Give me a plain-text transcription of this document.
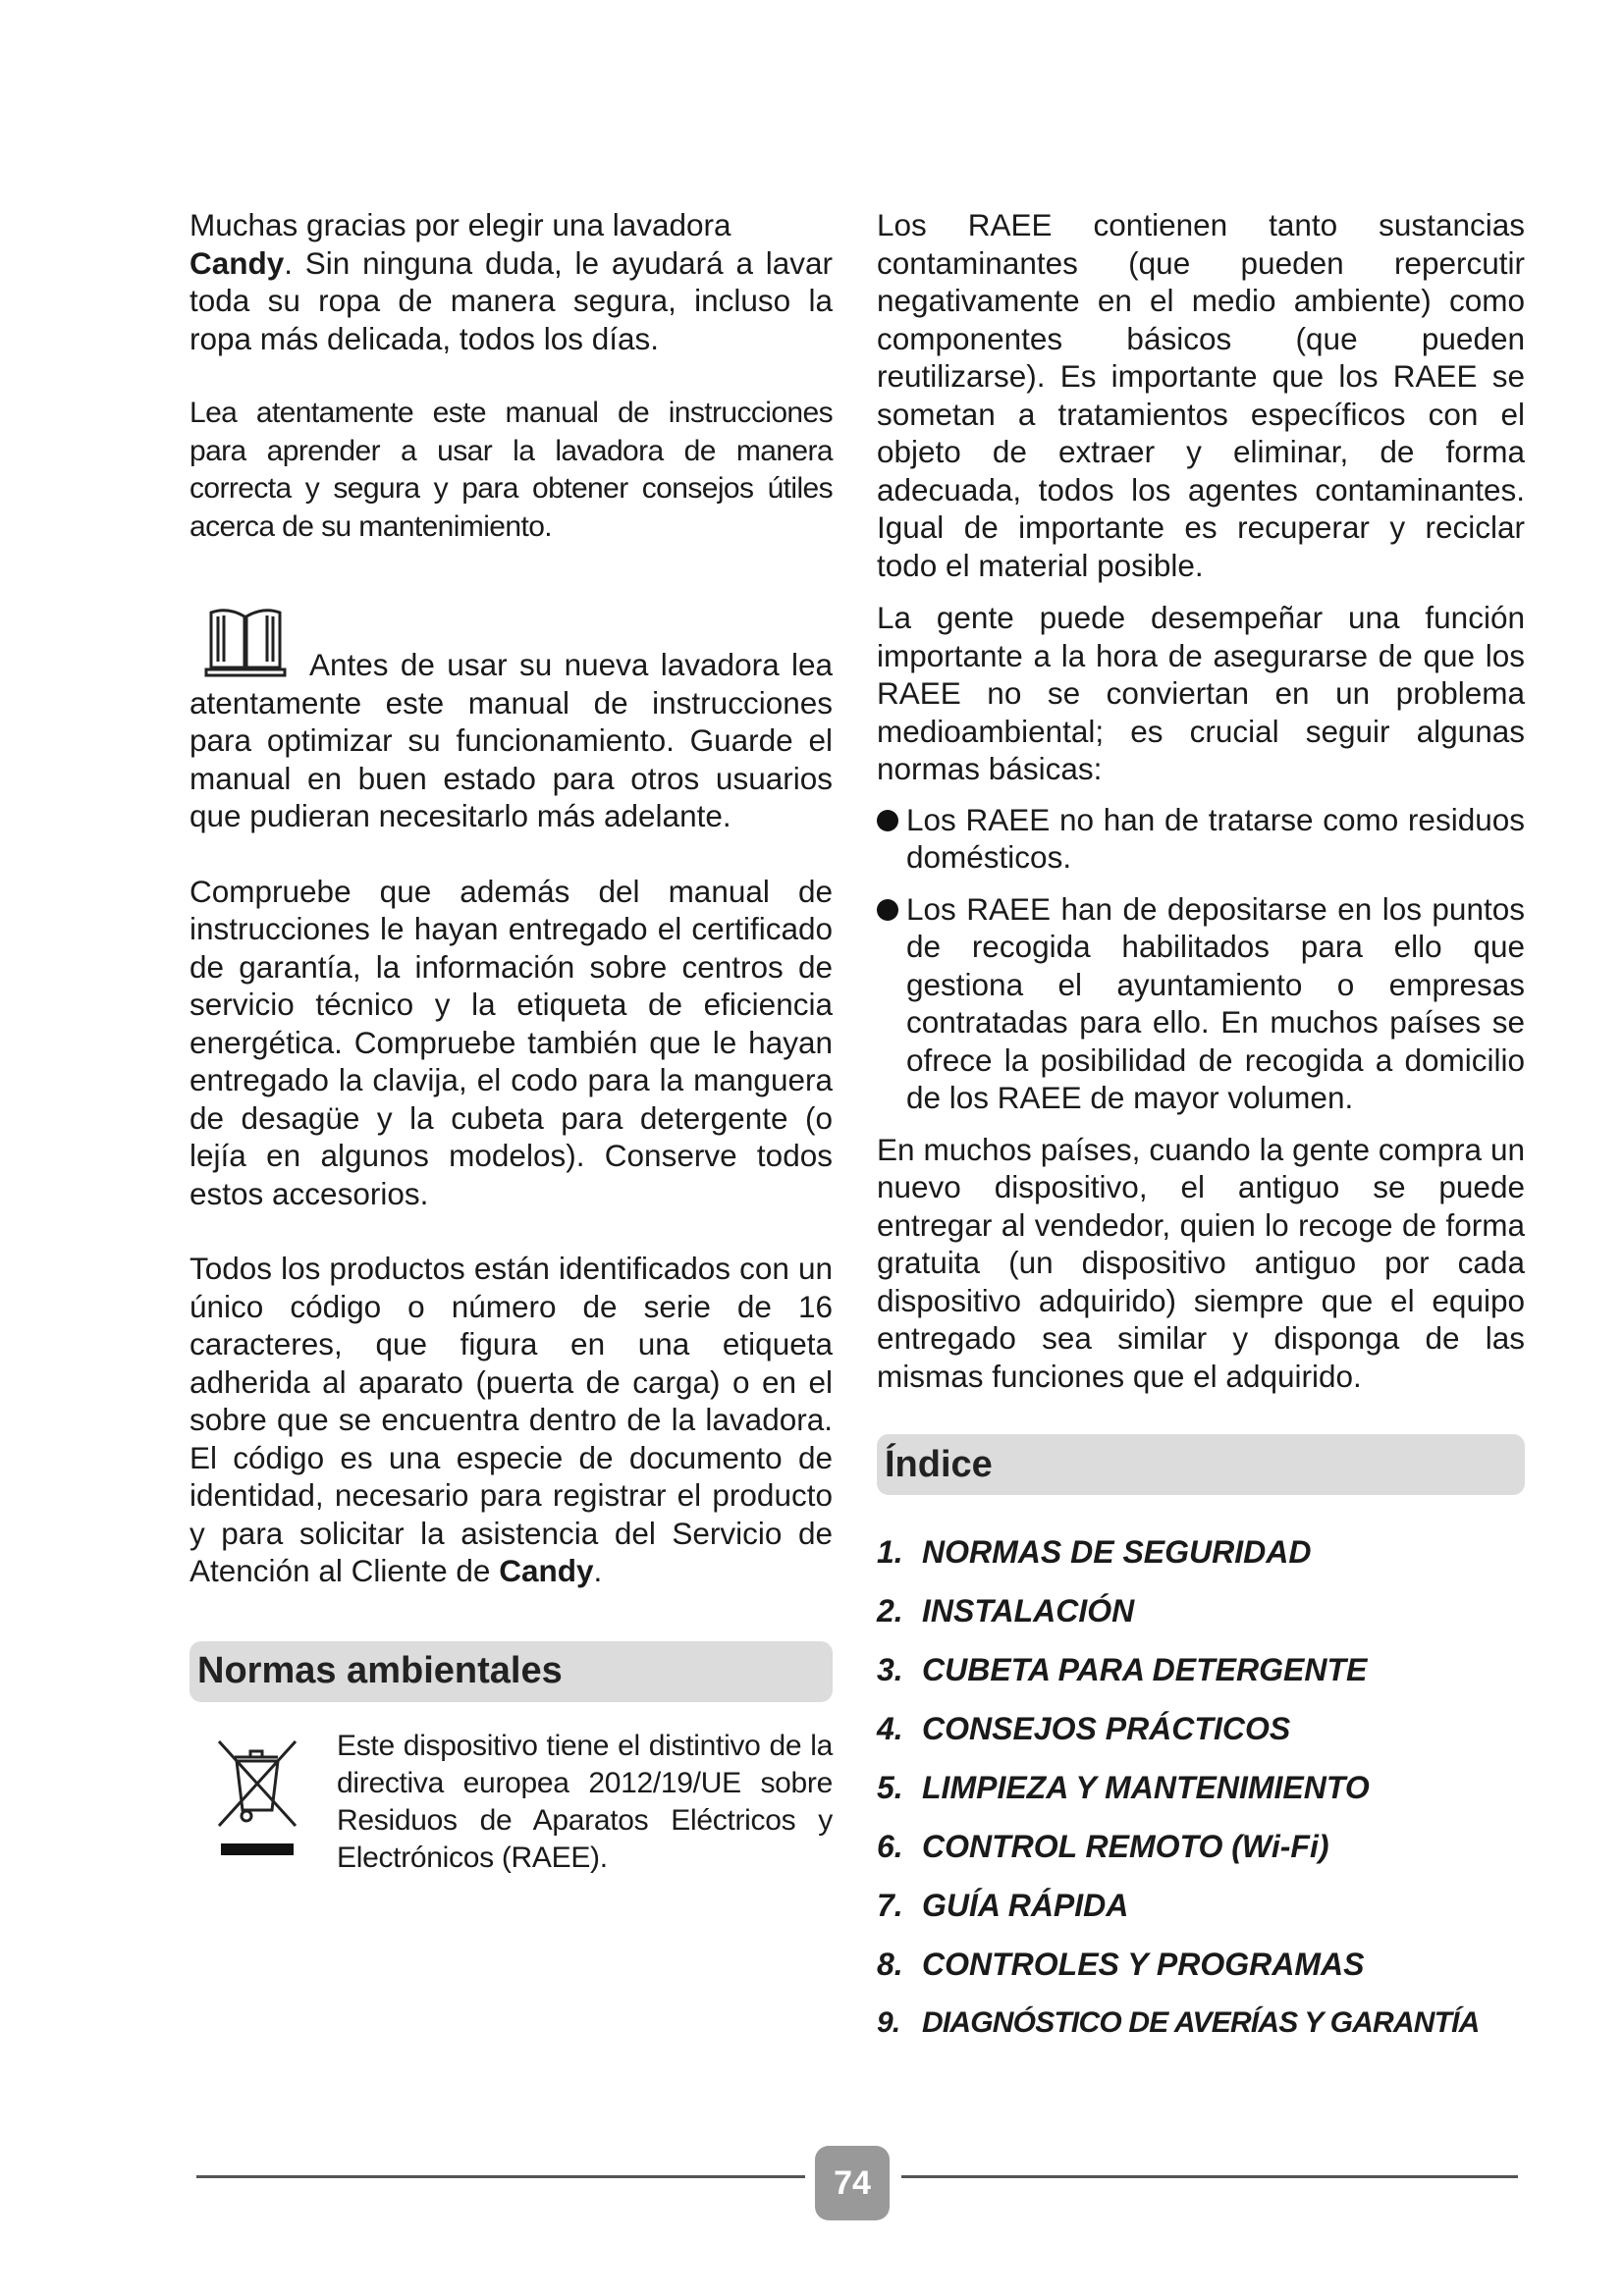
Muchas gracias por elegir una lavadora
Candy. Sin ninguna duda, le ayudará a lavar toda su ropa de manera segura, incluso la ropa más delicada, todos los días.

Lea atentamente este manual de instrucciones para aprender a usar la lavadora de manera correcta y segura y para obtener consejos útiles acerca de su mantenimiento.

Antes de usar su nueva lavadora lea atentamente este manual de instrucciones para optimizar su funcionamiento. Guarde el manual en buen estado para otros usuarios que pudieran necesitarlo más adelante.

Compruebe que además del manual de instrucciones le hayan entregado el certificado de garantía, la información sobre centros de servicio técnico y la etiqueta de eficiencia energética. Compruebe también que le hayan entregado la clavija, el codo para la manguera de desagüe y la cubeta para detergente (o lejía en algunos modelos). Conserve todos estos accesorios.

Todos los productos están identificados con un único código o número de serie de 16 caracteres, que figura en una etiqueta adherida al aparato (puerta de carga) o en el sobre que se encuentra dentro de la lavadora. El código es una especie de documento de identidad, necesario para registrar el producto y para solicitar la asistencia del Servicio de Atención al Cliente de Candy.

Normas ambientales

Este dispositivo tiene el distintivo de la directiva europea 2012/19/UE sobre Residuos de Aparatos Eléctricos y Electrónicos (RAEE).

Los RAEE contienen tanto sustancias contaminantes (que pueden repercutir negativamente en el medio ambiente) como componentes básicos (que pueden reutilizarse). Es importante que los RAEE se sometan a tratamientos específicos con el objeto de extraer y eliminar, de forma adecuada, todos los agentes contaminantes. Igual de importante es recuperar y reciclar todo el material posible.

La gente puede desempeñar una función importante a la hora de asegurarse de que los RAEE no se conviertan en un problema medioambiental; es crucial seguir algunas normas básicas:

Los RAEE no han de tratarse como residuos domésticos.
Los RAEE han de depositarse en los puntos de recogida habilitados para ello que gestiona el ayuntamiento o empresas contratadas para ello. En muchos países se ofrece la posibilidad de recogida a domicilio de los RAEE de mayor volumen.

En muchos países, cuando la gente compra un nuevo dispositivo, el antiguo se puede entregar al vendedor, quien lo recoge de forma gratuita (un dispositivo antiguo por cada dispositivo adquirido) siempre que el equipo entregado sea similar y disponga de las mismas funciones que el adquirido.

Índice
1. NORMAS DE SEGURIDAD
2. INSTALACIÓN
3. CUBETA PARA DETERGENTE
4. CONSEJOS PRÁCTICOS
5. LIMPIEZA Y MANTENIMIENTO
6. CONTROL REMOTO (Wi-Fi)
7. GUÍA RÁPIDA
8. CONTROLES Y PROGRAMAS
9. DIAGNÓSTICO DE AVERÍAS Y GARANTÍA
74
